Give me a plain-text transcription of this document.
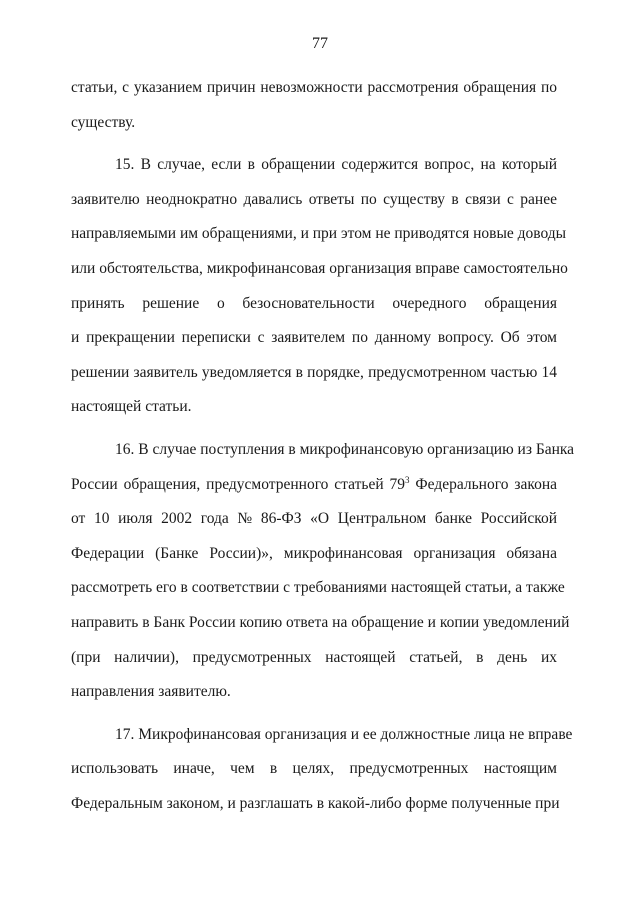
77
статьи, с указанием причин невозможности рассмотрения обращения по
существу.
15. В случае, если в обращении содержится вопрос, на который
заявителю неоднократно давались ответы по существу в связи с ранее
направляемыми им обращениями, и при этом не приводятся новые доводы
или обстоятельства, микрофинансовая организация вправе самостоятельно
принять решение о безосновательности очередного обращения
и прекращении переписки с заявителем по данному вопросу. Об этом
решении заявитель уведомляется в порядке, предусмотренном частью 14
настоящей статьи.
16. В случае поступления в микрофинансовую организацию из Банка
России обращения, предусмотренного статьей $79^3$ Федерального закона
от 10 июля 2002 года № 86-ФЗ «О Центральном банке Российской
Федерации (Банке России)», микрофинансовая организация обязана
рассмотреть его в соответствии с требованиями настоящей статьи, а также
направить в Банк России копию ответа на обращение и копии уведомлений
(при наличии), предусмотренных настоящей статьей, в день их
направления заявителю.
17. Микрофинансовая организация и ее должностные лица не вправе
использовать иначе, чем в целях, предусмотренных настоящим
Федеральным законом, и разглашать в какой-либо форме полученные при
